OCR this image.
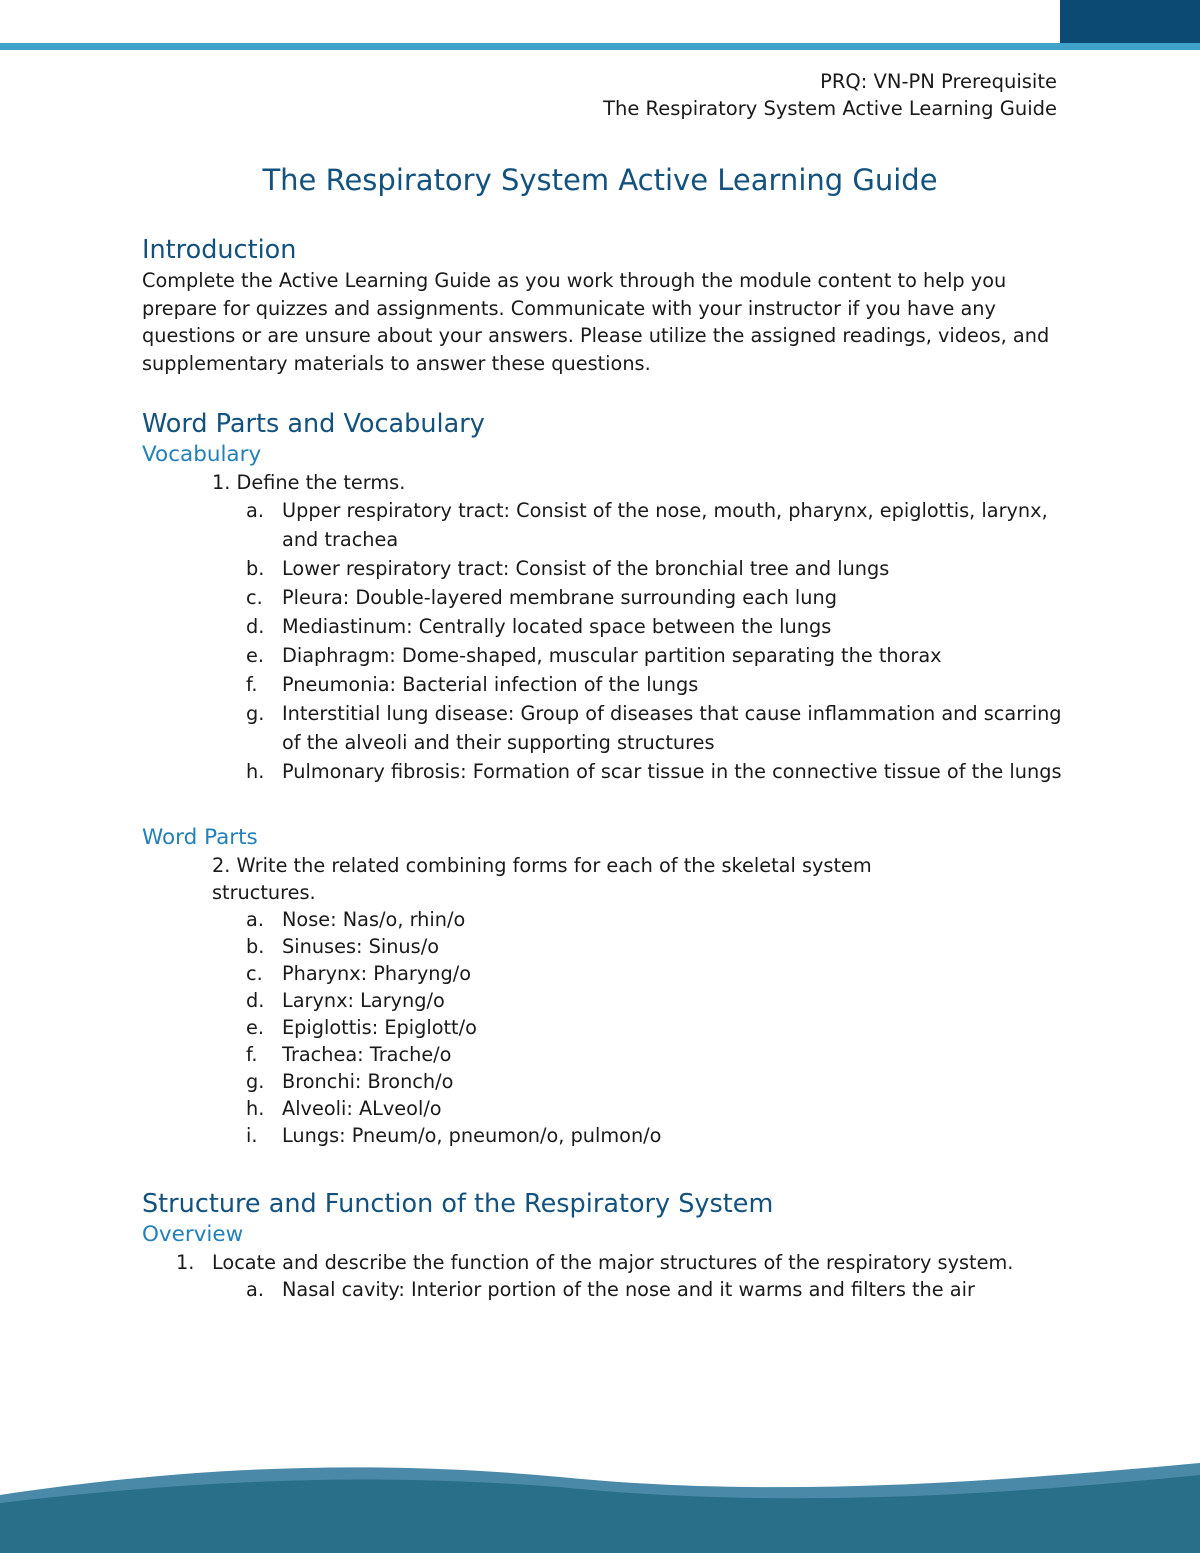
PRQ: VN-PN Prerequisite
The Respiratory System Active Learning Guide
The Respiratory System Active Learning Guide
Introduction

Complete the Active Learning Guide as you work through the module content to help you prepare for quizzes and assignments. Communicate with your instructor if you have any questions or are unsure about your answers. Please utilize the assigned readings, videos, and supplementary materials to answer these questions.

Word Parts and Vocabulary
Vocabulary

1. Define the terms.

a. Upper respiratory tract: Consist of the nose, mouth, pharynx, epiglottis, larynx, and trachea
b. Lower respiratory tract: Consist of the bronchial tree and lungs
c. Pleura: Double-layered membrane surrounding each lung
d. Mediastinum: Centrally located space between the lungs
e. Diaphragm: Dome-shaped, muscular partition separating the thorax
f. Pneumonia: Bacterial infection of the lungs
g. Interstitial lung disease: Group of diseases that cause inflammation and scarring of the alveoli and their supporting structures
h. Pulmonary fibrosis: Formation of scar tissue in the connective tissue of the lungs
Word Parts

2. Write the related combining forms for each of the skeletal system structures.

a. Nose: Nas/o, rhin/o
b. Sinuses: Sinus/o
c. Pharynx: Pharyng/o
d. Larynx: Laryng/o
e. Epiglottis: Epiglott/o
f. Trachea: Trache/o
g. Bronchi: Bronch/o
h. Alveoli: ALveol/o
i. Lungs: Pneum/o, pneumon/o, pulmon/o
Structure and Function of the Respiratory System
Overview
1. Locate and describe the function of the major structures of the respiratory system.
a. Nasal cavity: Interior portion of the nose and it warms and filters the air
